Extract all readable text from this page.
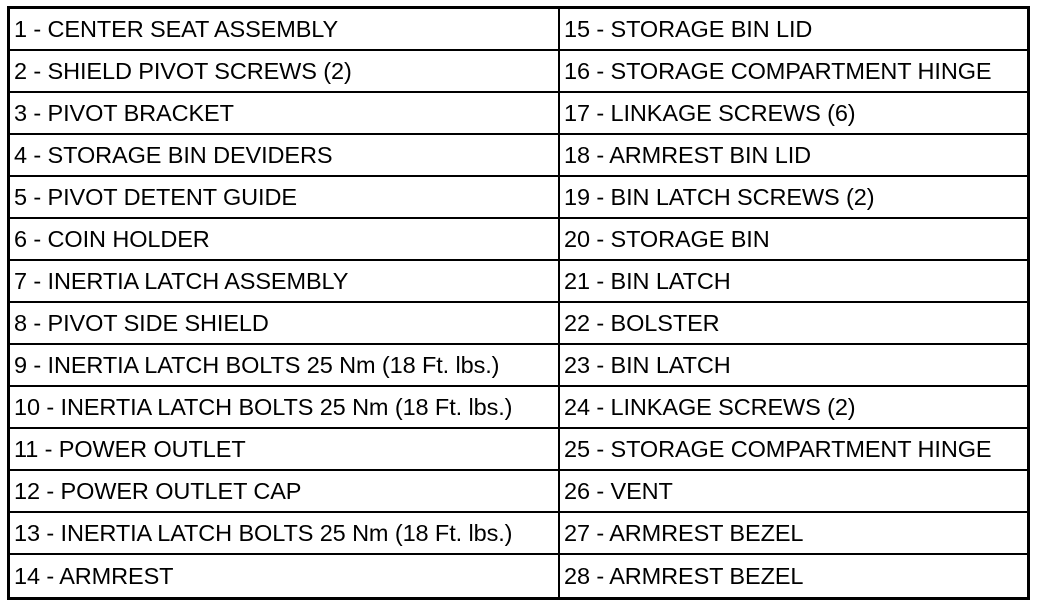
1 - CENTER SEAT ASSEMBLY	15 - STORAGE BIN LID
2 - SHIELD PIVOT SCREWS (2)	16 - STORAGE COMPARTMENT HINGE
3 - PIVOT BRACKET	17 - LINKAGE SCREWS (6)
4 - STORAGE BIN DEVIDERS	18 - ARMREST BIN LID
5 - PIVOT DETENT GUIDE	19 - BIN LATCH SCREWS (2)
6 - COIN HOLDER	20 - STORAGE BIN
7 - INERTIA LATCH ASSEMBLY	21 - BIN LATCH
8 - PIVOT SIDE SHIELD	22 - BOLSTER
9 - INERTIA LATCH BOLTS 25 Nm (18 Ft. lbs.)	23 - BIN LATCH
10 - INERTIA LATCH BOLTS 25 Nm (18 Ft. lbs.)	24 - LINKAGE SCREWS (2)
11 - POWER OUTLET	25 - STORAGE COMPARTMENT HINGE
12 - POWER OUTLET CAP	26 - VENT
13 - INERTIA LATCH BOLTS 25 Nm (18 Ft. lbs.)	27 - ARMREST BEZEL
14 - ARMREST	28 - ARMREST BEZEL
